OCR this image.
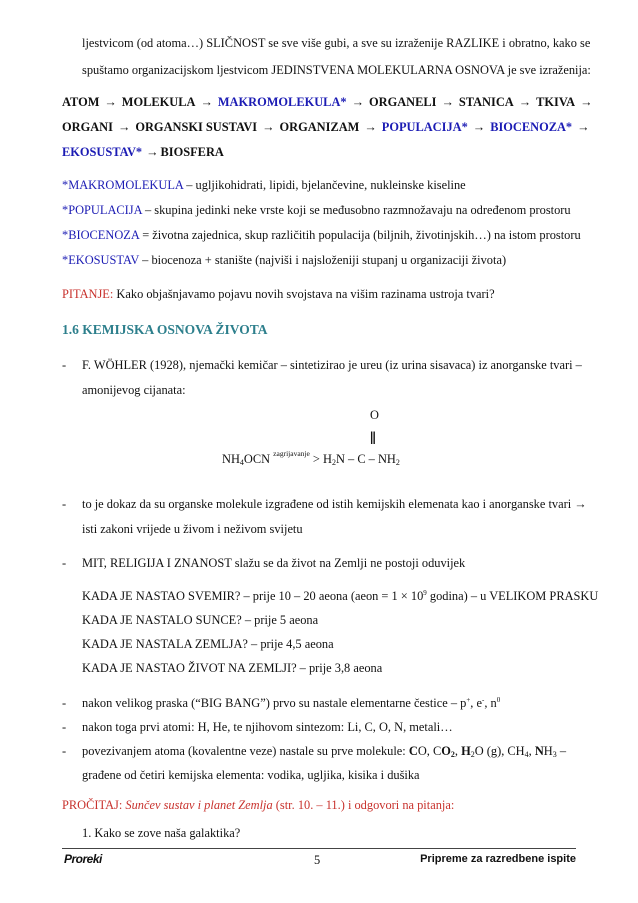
ljestvicom (od atoma…) SLIČNOST se sve više gubi, a sve su izraženije RAZLIKE i obratno, kako se
spuštamo organizacijskom ljestvicom JEDINSTVENA MOLEKULARNA OSNOVA je sve izraženija:
ATOM → MOLEKULA → MAKROMOLEKULA* → ORGANELI → STANICA → TKIVA →
ORGANI → ORGANSKI SUSTAVI → ORGANIZAM → POPULACIJA* → BIOCENOZA* →
EKOSUSTAV* → BIOSFERA
*MAKROMOLEKULA – ugljikohidrati, lipidi, bjelančevine, nukleinske kiseline
*POPULACIJA – skupina jedinki neke vrste koji se međusobno razmnožavaju na određenom prostoru
*BIOCENOZA = životna zajednica, skup različitih populacija (biljnih, životinjskih…) na istom prostoru
*EKOSUSTAV – biocenoza + stanište (najviši i najsloženiji stupanj u organizaciji života)
PITANJE: Kako objašnjavamo pojavu novih svojstava na višim razinama ustroja tvari?
1.6 KEMIJSKA OSNOVA ŽIVOTA
- F. WÖHLER (1928), njemački kemičar – sintetizirao je ureu (iz urina sisavaca) iz anorganske tvari –
amonijevog cijanata:
O
‖
$NH_4OCN$ $^{zagrijavanje} > H_2N - C - NH_2$
- to je dokaz da su organske molekule izgrađene od istih kemijskih elemenata kao i anorganske tvari →
isti zakoni vrijede u živom i neživom svijetu
- MIT, RELIGIJA I ZNANOST slažu se da život na Zemlji ne postoji oduvijek
KADA JE NASTAO SVEMIR? – prije 10 – 20 aeona (aeon = $1 \times 10^9$ godina) – u VELIKOM PRASKU
KADA JE NASTALO SUNCE? – prije 5 aeona
KADA JE NASTALA ZEMLJA? – prije 4,5 aeona
KADA JE NASTAO ŽIVOT NA ZEMLJI? – prije 3,8 aeona
- nakon velikog praska (“BIG BANG”) prvo su nastale elementarne čestice – p+, e-, $n^0$
- nakon toga prvi atomi: H, He, te njihovom sintezom: Li, C, O, N, metali…
- povezivanjem atoma (kovalentne veze) nastale su prve molekule: CO, $CO_2$, $H_2O$ (g), $CH_4$, $NH_3$ –
građene od četiri kemijska elementa: vodika, ugljika, kisika i dušika
PROČITAJ: Sunčev sustav i planet Zemlja (str. 10. – 11.) i odgovori na pitanja:
1. Kako se zove naša galaktika?
Proreki	5	Pripreme za razredbene ispite
